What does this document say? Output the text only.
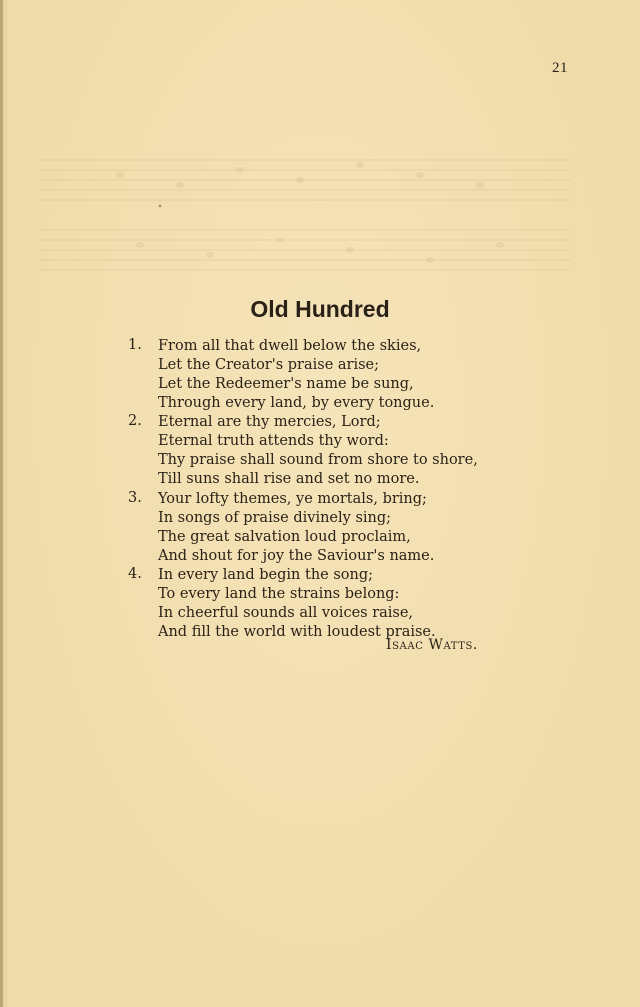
21
Old Hundred
1. From all that dwell below the skies,
Let the Creator's praise arise;
Let the Redeemer's name be sung,
Through every land, by every tongue.
2. Eternal are thy mercies, Lord;
Eternal truth attends thy word:
Thy praise shall sound from shore to shore,
Till suns shall rise and set no more.
3. Your lofty themes, ye mortals, bring;
In songs of praise divinely sing;
The great salvation loud proclaim,
And shout for joy the Saviour's name.
4. In every land begin the song;
To every land the strains belong:
In cheerful sounds all voices raise,
And fill the world with loudest praise.
Isaac Watts.
